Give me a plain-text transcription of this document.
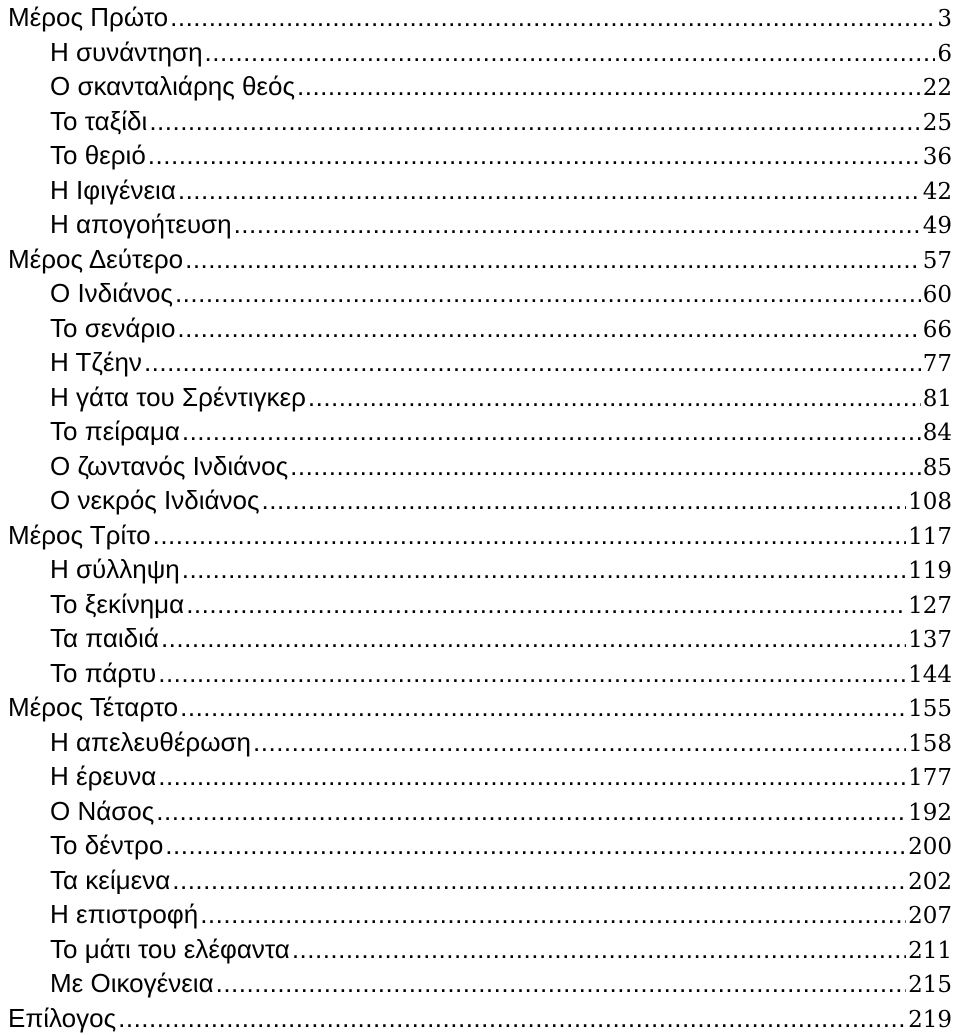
Μέρος Πρώτο .....	3
Η συνάντηση .....	6
Ο σκανταλιάρης θεός .....	22
Το ταξίδι .....	25
Το θεριό .....	36
Η Ιφιγένεια .....	42
Η απογοήτευση .....	49
Μέρος Δεύτερο .....	57
Ο Ινδιάνος .....	60
Το σενάριο .....	66
Η Τζέην .....	77
Η γάτα του Σρέντιγκερ .....	81
Το πείραμα .....	84
Ο ζωντανός Ινδιάνος .....	85
Ο νεκρός Ινδιάνος .....	108
Μέρος Τρίτο .....	117
Η σύλληψη .....	119
Το ξεκίνημα .....	127
Τα παιδιά .....	137
Το πάρτυ .....	144
Μέρος Τέταρτο .....	155
Η απελευθέρωση .....	158
Η έρευνα .....	177
Ο Νάσος .....	192
Το δέντρο .....	200
Τα κείμενα .....	202
Η επιστροφή .....	207
Το μάτι του ελέφαντα .....	211
Με Οικογένεια .....	215
Επίλογος .....	219
